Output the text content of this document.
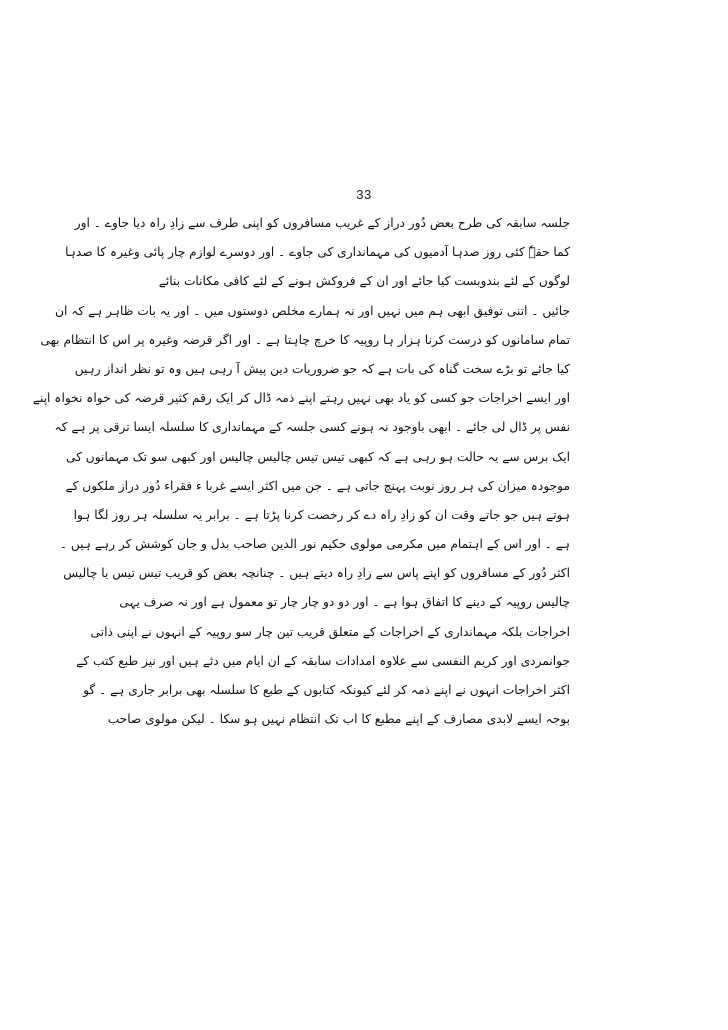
33
جلسہ سابقہ کی طرح بعض دُور دراز کے غریب مسافروں کو اپنی طرف سے زادِ راہ دیا جاوے ۔ اور
کما حقہٗ کئی روز صدہا آدمیوں کی مہمانداری کی جاوے ۔ اور دوسرے لوازم چار پائی وغیرہ کا صدہا
لوگوں کے لئے بندوبست کیا جائے اور ان کے فروکش ہونے کے لئے کافی مکانات بنائے
جائیں ۔ اتنی توفیق ابھی ہم میں نہیں اور نہ ہمارے مخلص دوستوں میں ۔ اور یہ بات ظاہر ہے کہ ان
تمام سامانوں کو درست کرنا ہزار ہا روپیہ کا خرچ چاہتا ہے ۔ اور اگر قرضہ وغیرہ پر اس کا انتظام بھی
کیا جائے تو بڑے سخت گناہ کی بات ہے کہ جو ضروریات دین پیش آ رہی ہیں وہ تو نظر انداز رہیں
اور ایسے اخراجات جو کسی کو یاد بھی نہیں رہتے اپنے ذمہ ڈال کر ایک رقم کثیر قرضہ کی خواہ نخواہ اپنے
نفس پر ڈال لی جائے ۔ ابھی باوجود نہ ہونے کسی جلسہ کے مہمانداری کا سلسلہ ایسا ترقی پر ہے کہ
ایک برس سے یہ حالت ہو رہی ہے کہ کبھی تیس تیس چالیس چالیس اور کبھی سو تک مہمانوں کی
موجودہ میزان کی ہر روز نوبت پہنچ جاتی ہے ۔ جن میں اکثر ایسے غربا ء فقراء دُور دراز ملکوں کے
ہوتے ہیں جو جاتے وقت ان کو زادِ راہ دے کر رخصت کرنا پڑتا ہے ۔ برابر یہ سلسلہ ہر روز لگا ہوا
ہے ۔ اور اس کے اہتمام میں مکرمی مولوی حکیم نور الدین صاحب بدل و جان کوشش کر رہے ہیں ۔
اکثر دُور کے مسافروں کو اپنے پاس سے زادِ راہ دیتے ہیں ۔ چنانچہ بعض کو قریب تیس تیس یا چالیس
چالیس روپیہ کے دینے کا اتفاق ہوا ہے ۔ اور دو دو چار چار تو معمول ہے اور نہ صرف یہی
اخراجات بلکہ مہمانداری کے اخراجات کے متعلق قریب تین چار سو روپیہ کے انہوں نے اپنی ذاتی
جوانمردی اور کریم النفسی سے علاوہ امدادات سابقہ کے ان ایام میں دئے ہیں اور نیز طبع کتب کے
اکثر اخراجات انہوں نے اپنے ذمہ کر لئے کیونکہ کتابوں کے طبع کا سلسلہ بھی برابر جاری ہے ۔ گو
بوجہ ایسے لابدی مصارف کے اپنے مطبع کا اب تک انتظام نہیں ہو سکا ۔ لیکن مولوی صاحب
